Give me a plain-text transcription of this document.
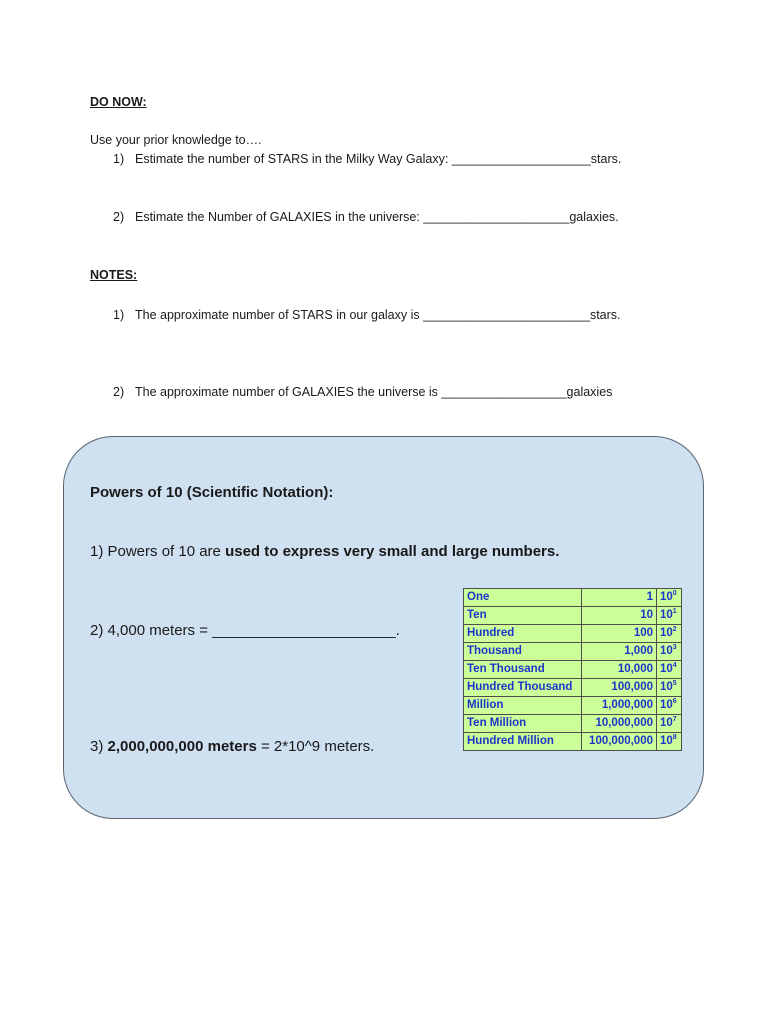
DO NOW:
Use your prior knowledge to….
1) Estimate the number of STARS in the Milky Way Galaxy: ____________________stars.
2) Estimate the Number of GALAXIES in the universe: _____________________galaxies.
NOTES:
1) The approximate number of STARS in our galaxy is ________________________stars.
2) The approximate number of GALAXIES the universe is __________________galaxies
Powers of 10 (Scientific Notation):
1) Powers of 10 are used to express very small and large numbers.
2) 4,000 meters = ______________________.
3) 2,000,000,000 meters = 2*10^9 meters.
One	1	$10^0$
Ten	10	$10^1$
Hundred	100	$10^2$
Thousand	1,000	$10^3$
Ten Thousand	10,000	$10^4$
Hundred Thousand	100,000	$10^5$
Million	1,000,000	$10^6$
Ten Million	10,000,000	$10^7$
Hundred Million	100,000,000	$10^8$
